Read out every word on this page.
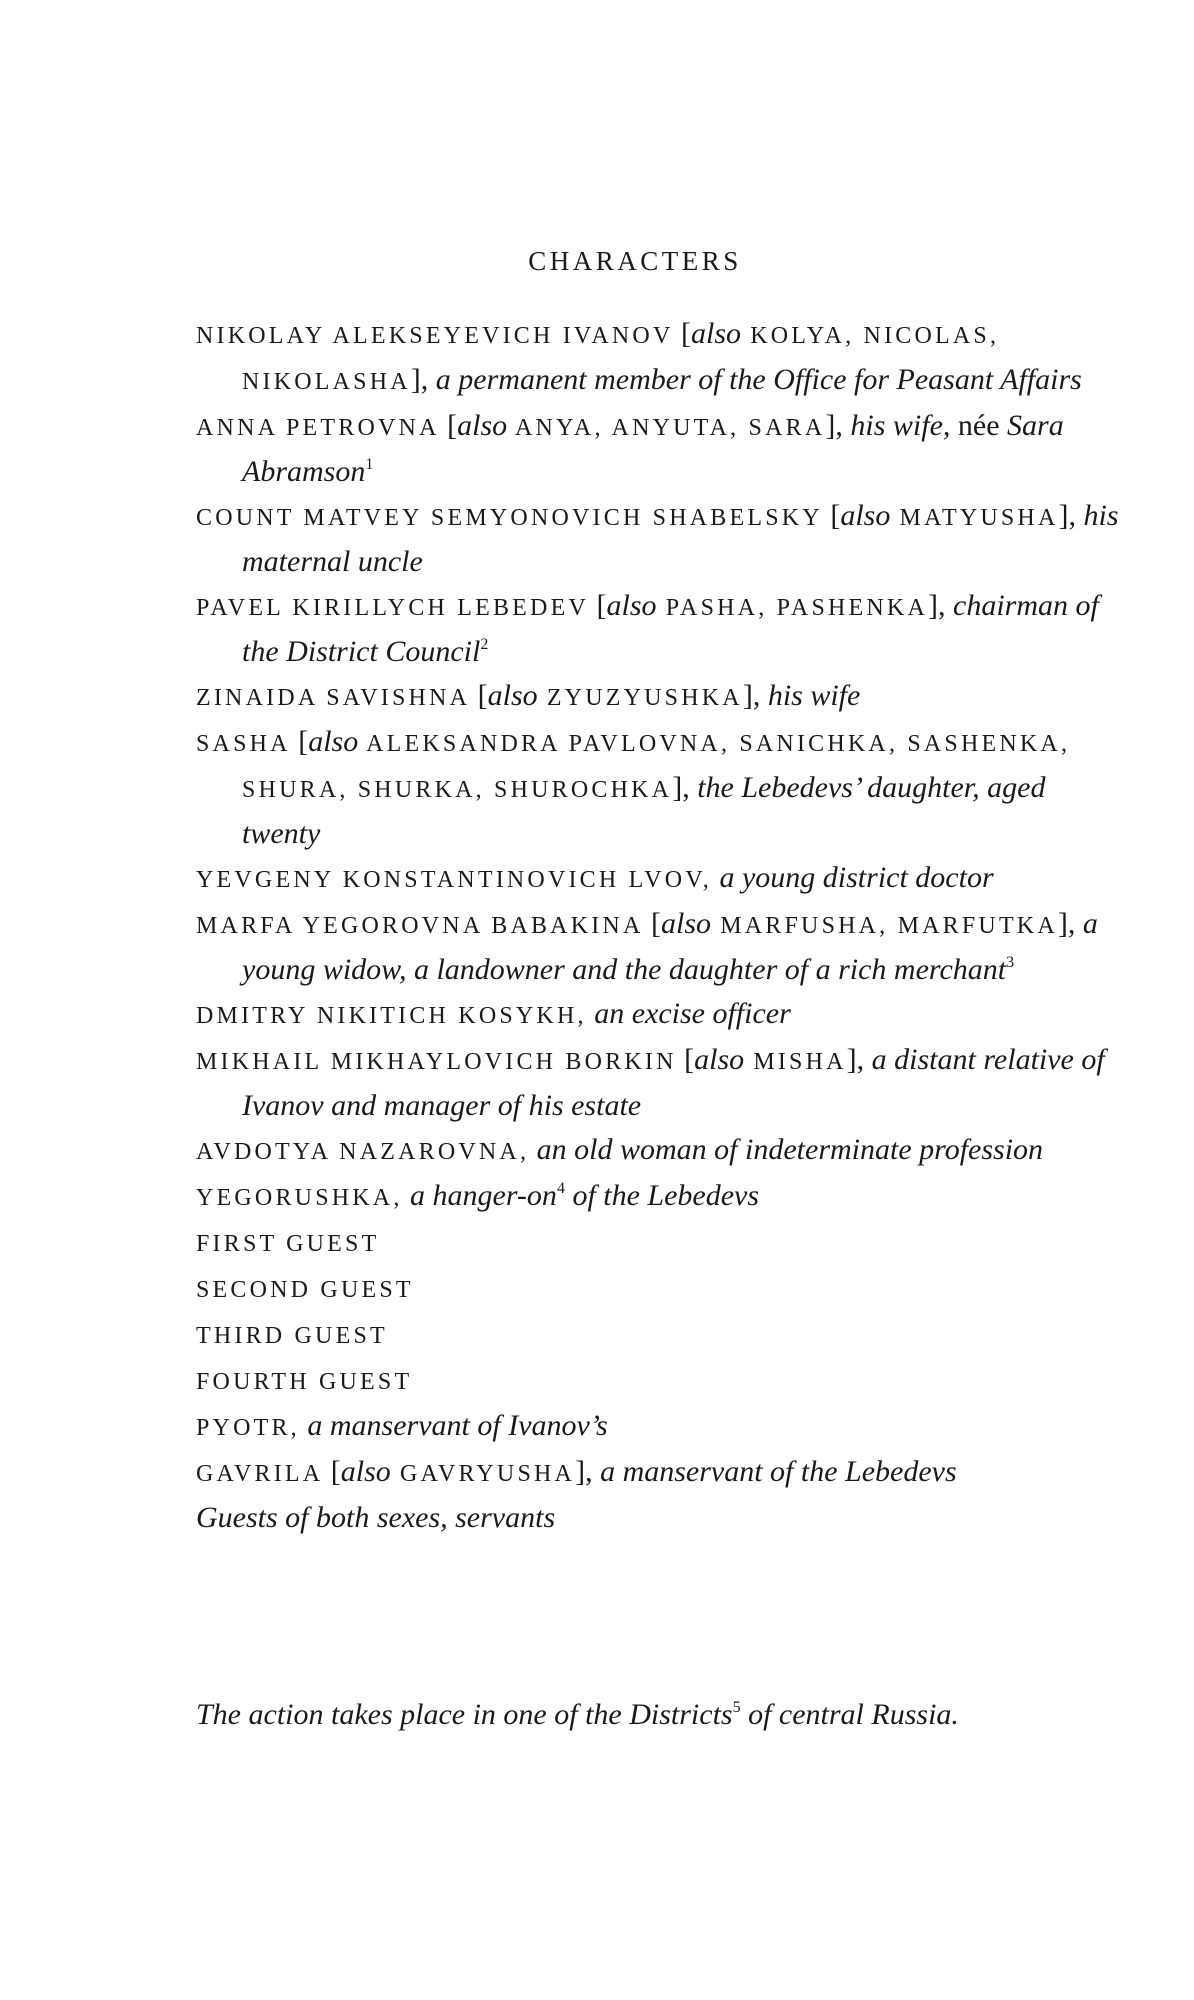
CHARACTERS
NIKOLAY ALEKSEYEVICH IVANOV [also KOLYA, NICOLAS, NIKOLASHA], a permanent member of the Office for Peasant Affairs
ANNA PETROVNA [also ANYA, ANYUTA, SARA], his wife, née Sara Abramson$^1$
COUNT MATVEY SEMYONOVICH SHABELSKY [also MATYUSHA], his maternal uncle
PAVEL KIRILLYCH LEBEDEV [also PASHA, PASHENKA], chairman of the District Council$^2$
ZINAIDA SAVISHNA [also ZYUZYUSHKA], his wife
SASHA [also ALEKSANDRA PAVLOVNA, SANICHKA, SASHENKA, SHURA, SHURKA, SHUROCHKA], the Lebedevs’ daughter, aged twenty
YEVGENY KONSTANTINOVICH LVOV, a young district doctor
MARFA YEGOROVNA BABAKINA [also MARFUSHA, MARFUTKA], a young widow, a landowner and the daughter of a rich merchant$^3$
DMITRY NIKITICH KOSYKH, an excise officer
MIKHAIL MIKHAYLOVICH BORKIN [also MISHA], a distant relative of Ivanov and manager of his estate
AVDOTYA NAZAROVNA, an old woman of indeterminate profession
YEGORUSHKA, a hanger-$on^4$ of the Lebedevs
FIRST GUEST
SECOND GUEST
THIRD GUEST
FOURTH GUEST
PYOTR, a manservant of Ivanov’s
GAVRILA [also GAVRYUSHA], a manservant of the Lebedevs
Guests of both sexes, servants
The action takes place in one of the Districts$^5$ of central Russia.
